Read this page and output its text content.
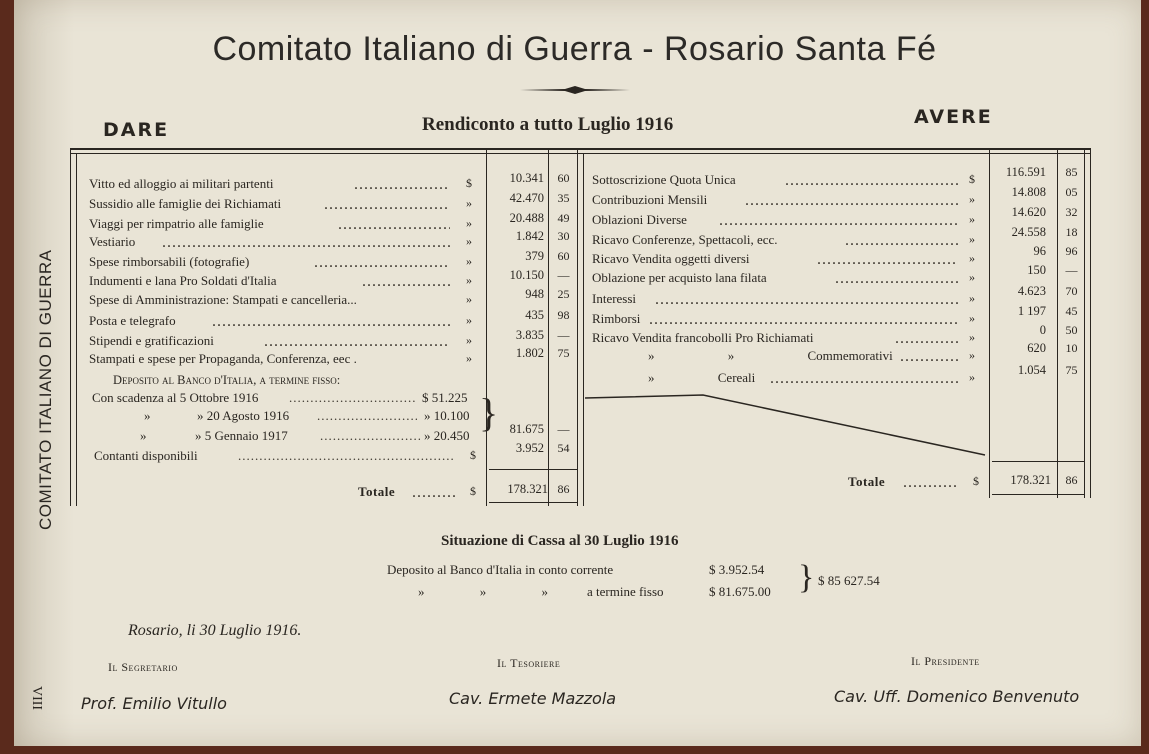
Comitato Italiano di Guerra - Rosario Santa Fé
DARE	Rendiconto a tutto Luglio 1916	AVERE
COMITATO ITALIANO DI GUERRA
VIII
Vitto ed alloggio ai militari partenti .....	$	10.341	60
Sussidio alle famiglie dei Richiamati .....	»	42.470	35
Viaggi per rimpatrio alle famiglie .....	»	20.488	49
Vestiario .....	»	1.842	30
Spese rimborsabili (fotografie) .....	»	379	60
Indumenti e lana Pro Soldati d'Italia .....	»	10.150	—
Spese di Amministrazione: Stampati e cancelleria...	»	948	25
Posta e telegrafo .....	»	435	98
Stipendi e gratificazioni .....	»	3.835	—
Stampati e spese per Propaganda, Conferenza, eec .	»	1.802	75
Deposito al Banco d'Italia, a termine fisso:
Con scadenza al 5 Ottobre 1916 .....	$ 51.225
»	» 20 Agosto 1916 .....	» 10.100
»	» 5 Gennaio 1917 .....	» 20.450
} 81.675	—
Contanti disponibili .....	$	3.952	54
Totale .....	$	178.321 86
Sottoscrizione Quota Unica .....	$	116.591	85
Contribuzioni Mensili .....	»	14.808	05
Oblazioni Diverse .....	»	14.620	32
Ricavo Conferenze, Spettacoli, ecc. .....	»	24.558	18
Ricavo Vendita oggetti diversi .....	»	96	96
Oblazione per acquisto lana filata .....	»	150	—
Interessi .....	»	4.623	70
Rimborsi .....	»	1 197	45
Ricavo Vendita francobolli Pro Richiamati .....	»	0	50
» » Commemorativi .....	»	620	10
» Cereali .....	»	1.054	75
Totale .....	$	178.321	86
Situazione di Cassa al 30 Luglio 1916
Deposito al Banco d'Italia in conto corrente	$ 3.952.54
» » »	a termine fisso	$ 81.675.00 } $ 85 627.54
Rosario, li 30 Luglio 1916.
Il Segretario	Il Tesoriere	Il Presidente
Prof. Emilio Vitullo	Cav. Ermete Mazzola	Cav. Uff. Domenico Benvenuto
